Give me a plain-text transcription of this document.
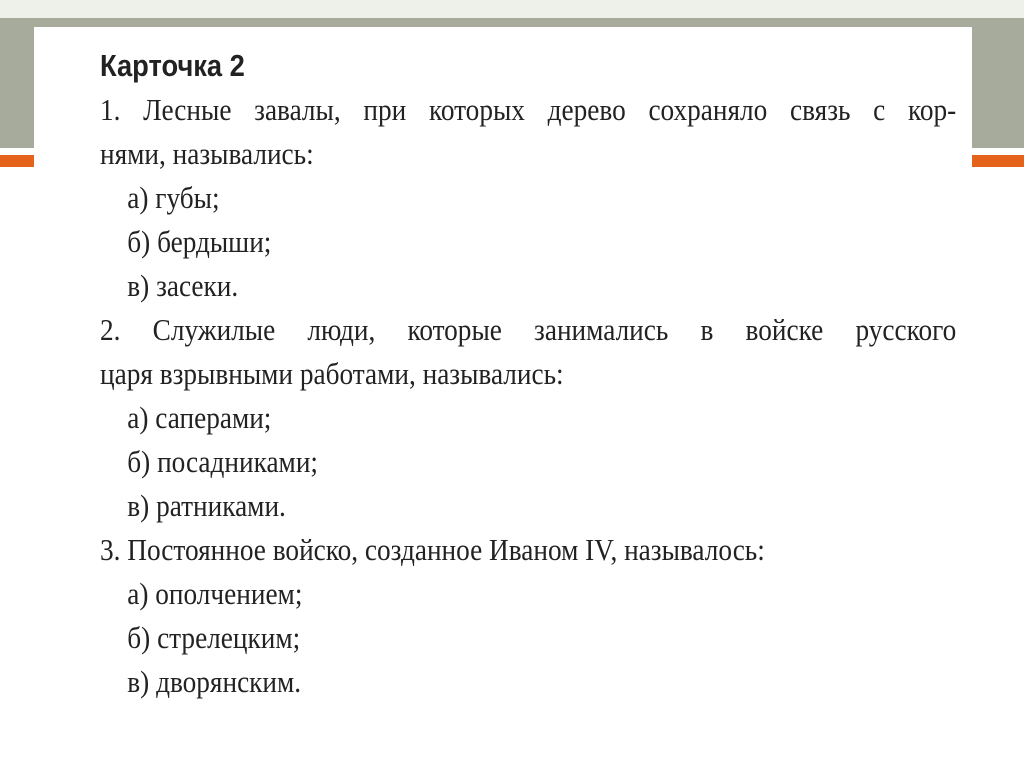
Карточка 2
1. Лесные завалы, при которых дерево сохраняло связь с кор-
нями, назывались:
а) губы;
б) бердыши;
в) засеки.
2. Служилые люди, которые занимались в войске русского
царя взрывными работами, назывались:
а) саперами;
б) посадниками;
в) ратниками.
3. Постоянное войско, созданное Иваном IV, называлось:
а) ополчением;
б) стрелецким;
в) дворянским.
